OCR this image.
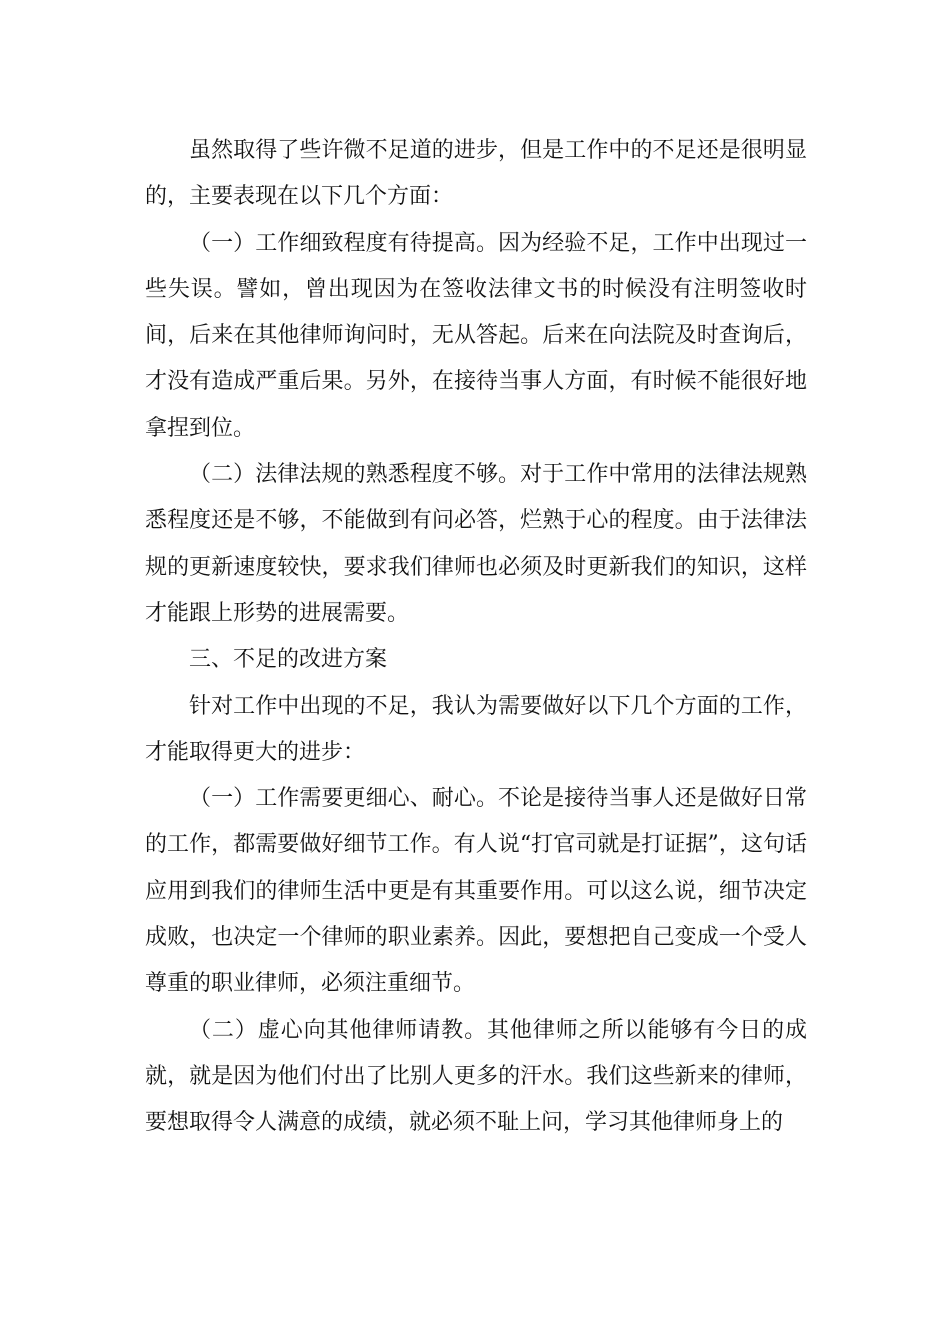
虽然取得了些许微不足道的进步，但是工作中的不足还是很明显的，主要表现在以下几个方面：

（一）工作细致程度有待提高。因为经验不足，工作中出现过一些失误。譬如，曾出现因为在签收法律文书的时候没有注明签收时间，后来在其他律师询问时，无从答起。后来在向法院及时查询后，才没有造成严重后果。另外，在接待当事人方面，有时候不能很好地拿捏到位。

（二）法律法规的熟悉程度不够。对于工作中常用的法律法规熟悉程度还是不够，不能做到有问必答，烂熟于心的程度。由于法律法规的更新速度较快，要求我们律师也必须及时更新我们的知识，这样才能跟上形势的进展需要。

三、不足的改进方案

针对工作中出现的不足，我认为需要做好以下几个方面的工作，才能取得更大的进步：

（一）工作需要更细心、耐心。不论是接待当事人还是做好日常的工作，都需要做好细节工作。有人说“打官司就是打证据”，这句话应用到我们的律师生活中更是有其重要作用。可以这么说，细节决定成败，也决定一个律师的职业素养。因此，要想把自己变成一个受人尊重的职业律师，必须注重细节。

（二）虚心向其他律师请教。其他律师之所以能够有今日的成就，就是因为他们付出了比别人更多的汗水。我们这些新来的律师，要想取得令人满意的成绩，就必须不耻上问，学习其他律师身上的
